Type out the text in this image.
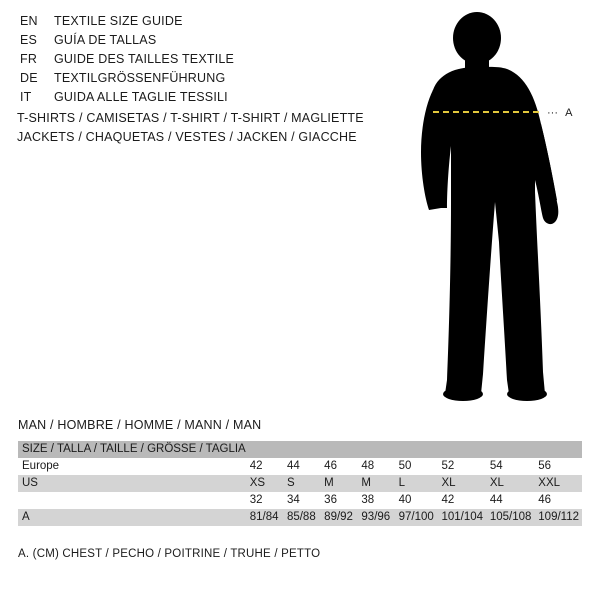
EN	TEXTILE SIZE GUIDE
ES	GUÍA DE TALLAS
FR	GUIDE DES TAILLES TEXTILE
DE	TEXTILGRÖSSENFÜHRUNG
IT	GUIDA ALLE TAGLIE TESSILI
T-SHIRTS / CAMISETAS / T-SHIRT / T-SHIRT / MAGLIETTE
JACKETS / CHAQUETAS / VESTES / JACKEN / GIACCHE
··· A
MAN / HOMBRE / HOMME / MANN / MAN
SIZE / TALLA / TAILLE / GRÖSSE / TAGLIA								
Europe	42	44	46	48	50	52	54	56
US	XS	S	M	M	L	XL	XL	XXL
	32	34	36	38	40	42	44	46
A	81/84	85/88	89/92	93/96	97/100	101/104	105/108	109/112
A. (CM) CHEST / PECHO / POITRINE / TRUHE / PETTO
